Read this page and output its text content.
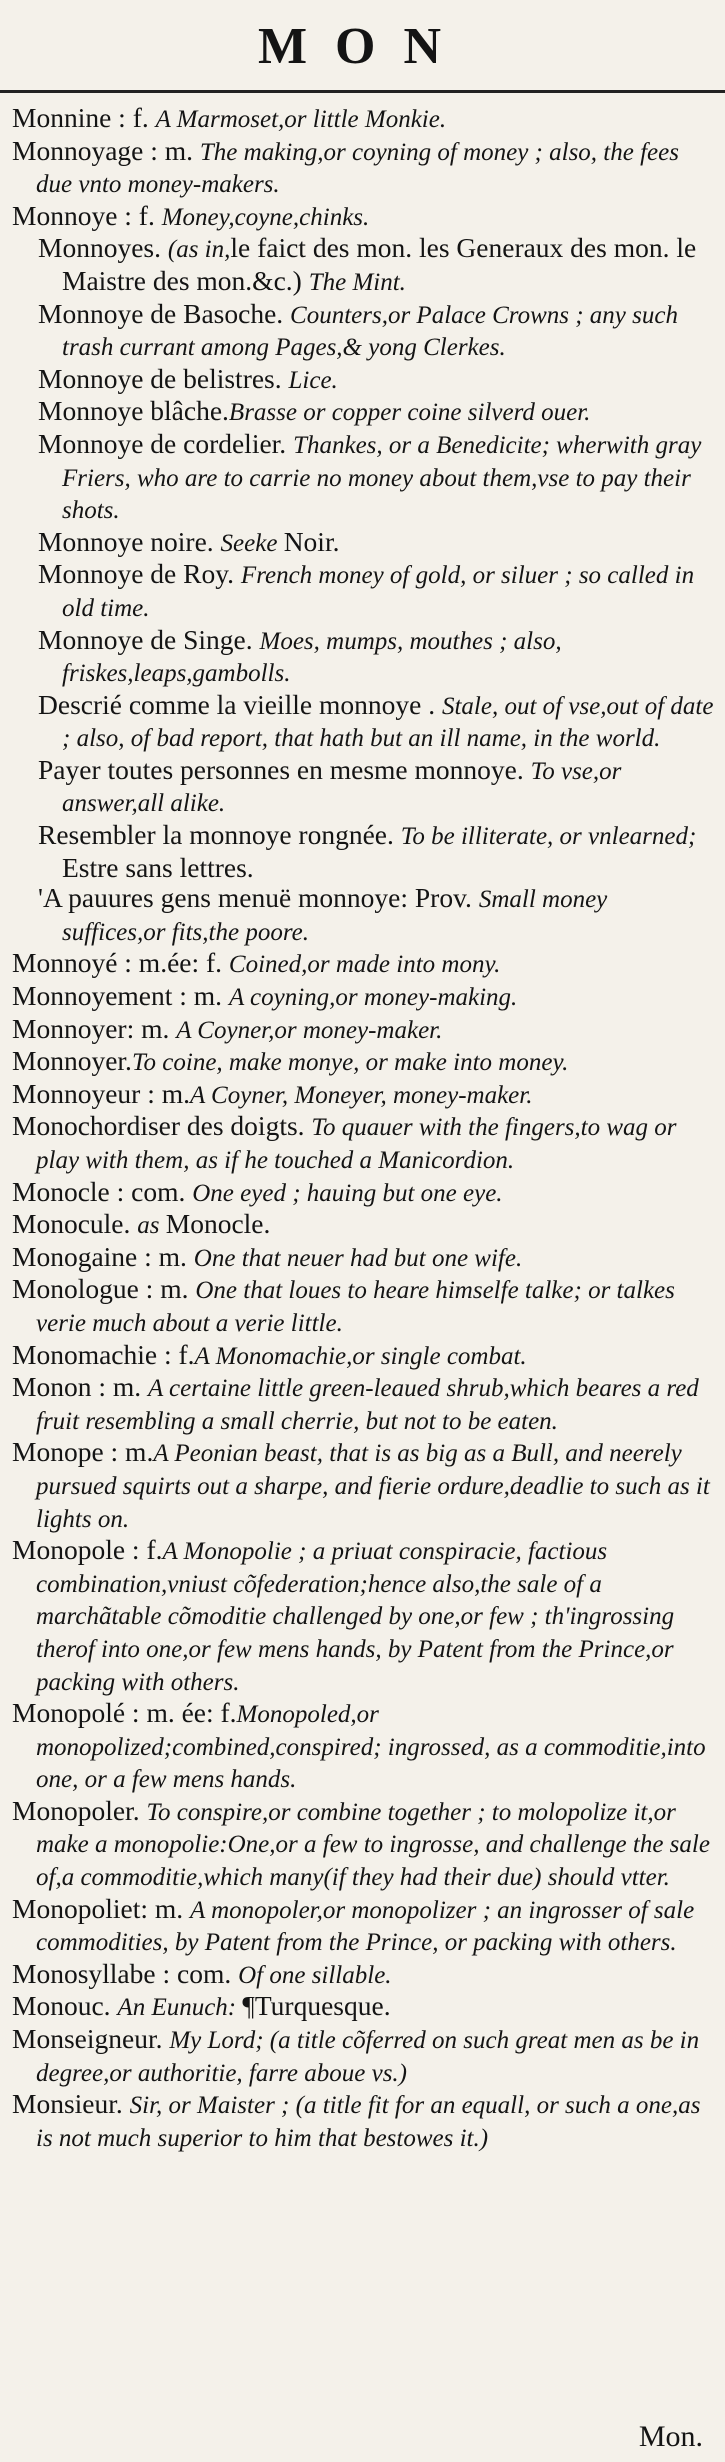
MON

Monnine : f. A Marmoset,or little Monkie.

Monnoyage : m. The making,or coyning of money ; also, the fees due vnto money-makers.

Monnoye : f. Money,coyne,chinks.

Monnoyes. (as in,le faict des mon. les Generaux des mon. le Maistre des mon.&c.) The Mint.

Monnoye de Basoche. Counters,or Palace Crowns ; any such trash currant among Pages,& yong Clerkes.

Monnoye de belistres. Lice.

Monnoye blâche.Brasse or copper coine silverd ouer.

Monnoye de cordelier. Thankes, or a Benedicite; wherwith gray Friers, who are to carrie no money about them,vse to pay their shots.

Monnoye noire. Seeke Noir.

Monnoye de Roy. French money of gold, or siluer ; so called in old time.

Monnoye de Singe. Moes, mumps, mouthes ; also, friskes,leaps,gambolls.

Descrié comme la vieille monnoye . Stale, out of vse,out of date ; also, of bad report, that hath but an ill name, in the world.

Payer toutes personnes en mesme monnoye. To vse,or answer,all alike.

Resembler la monnoye rongnée. To be illiterate, or vnlearned; Estre sans lettres.

'A pauures gens menuë monnoye: Prov. Small money suffices,or fits,the poore.

Monnoyé : m.ée: f. Coined,or made into mony.

Monnoyement : m. A coyning,or money-making.

Monnoyer: m. A Coyner,or money-maker.

Monnoyer.To coine, make monye, or make into money.

Monnoyeur : m.A Coyner, Moneyer, money-maker.

Monochordiser des doigts. To quauer with the fingers,to wag or play with them, as if he touched a Manicordion.

Monocle : com. One eyed ; hauing but one eye.

Monocule. as Monocle.

Monogaine : m. One that neuer had but one wife.

Monologue : m. One that loues to heare himselfe talke; or talkes verie much about a verie little.

Monomachie : f.A Monomachie,or single combat.

Monon : m. A certaine little green-leaued shrub,which beares a red fruit resembling a small cherrie, but not to be eaten.

Monope : m.A Peonian beast, that is as big as a Bull, and neerely pursued squirts out a sharpe, and fierie ordure,deadlie to such as it lights on.

Monopole : f.A Monopolie ; a priuat conspiracie, factious combination,vniust cõfederation;hence also,the sale of a marchãtable cõmoditie challenged by one,or few ; th'ingrossing therof into one,or few mens hands, by Patent from the Prince,or packing with others.

Monopolé : m. ée: f.Monopoled,or monopolized;combined,conspired; ingrossed, as a commoditie,into one, or a few mens hands.

Monopoler. To conspire,or combine together ; to molopolize it,or make a monopolie:One,or a few to ingrosse, and challenge the sale of,a commoditie,which many(if they had their due) should vtter.

Monopoliet: m. A monopoler,or monopolizer ; an ingrosser of sale commodities, by Patent from the Prince, or packing with others.

Monosyllabe : com. Of one sillable.

Monouc. An Eunuch: ¶Turquesque.

Monseigneur. My Lord; (a title cõferred on such great men as be in degree,or authoritie, farre aboue vs.)

Monsieur. Sir, or Maister ; (a title fit for an equall, or such a one,as is not much superior to him that bestowes it.)

Mon.
